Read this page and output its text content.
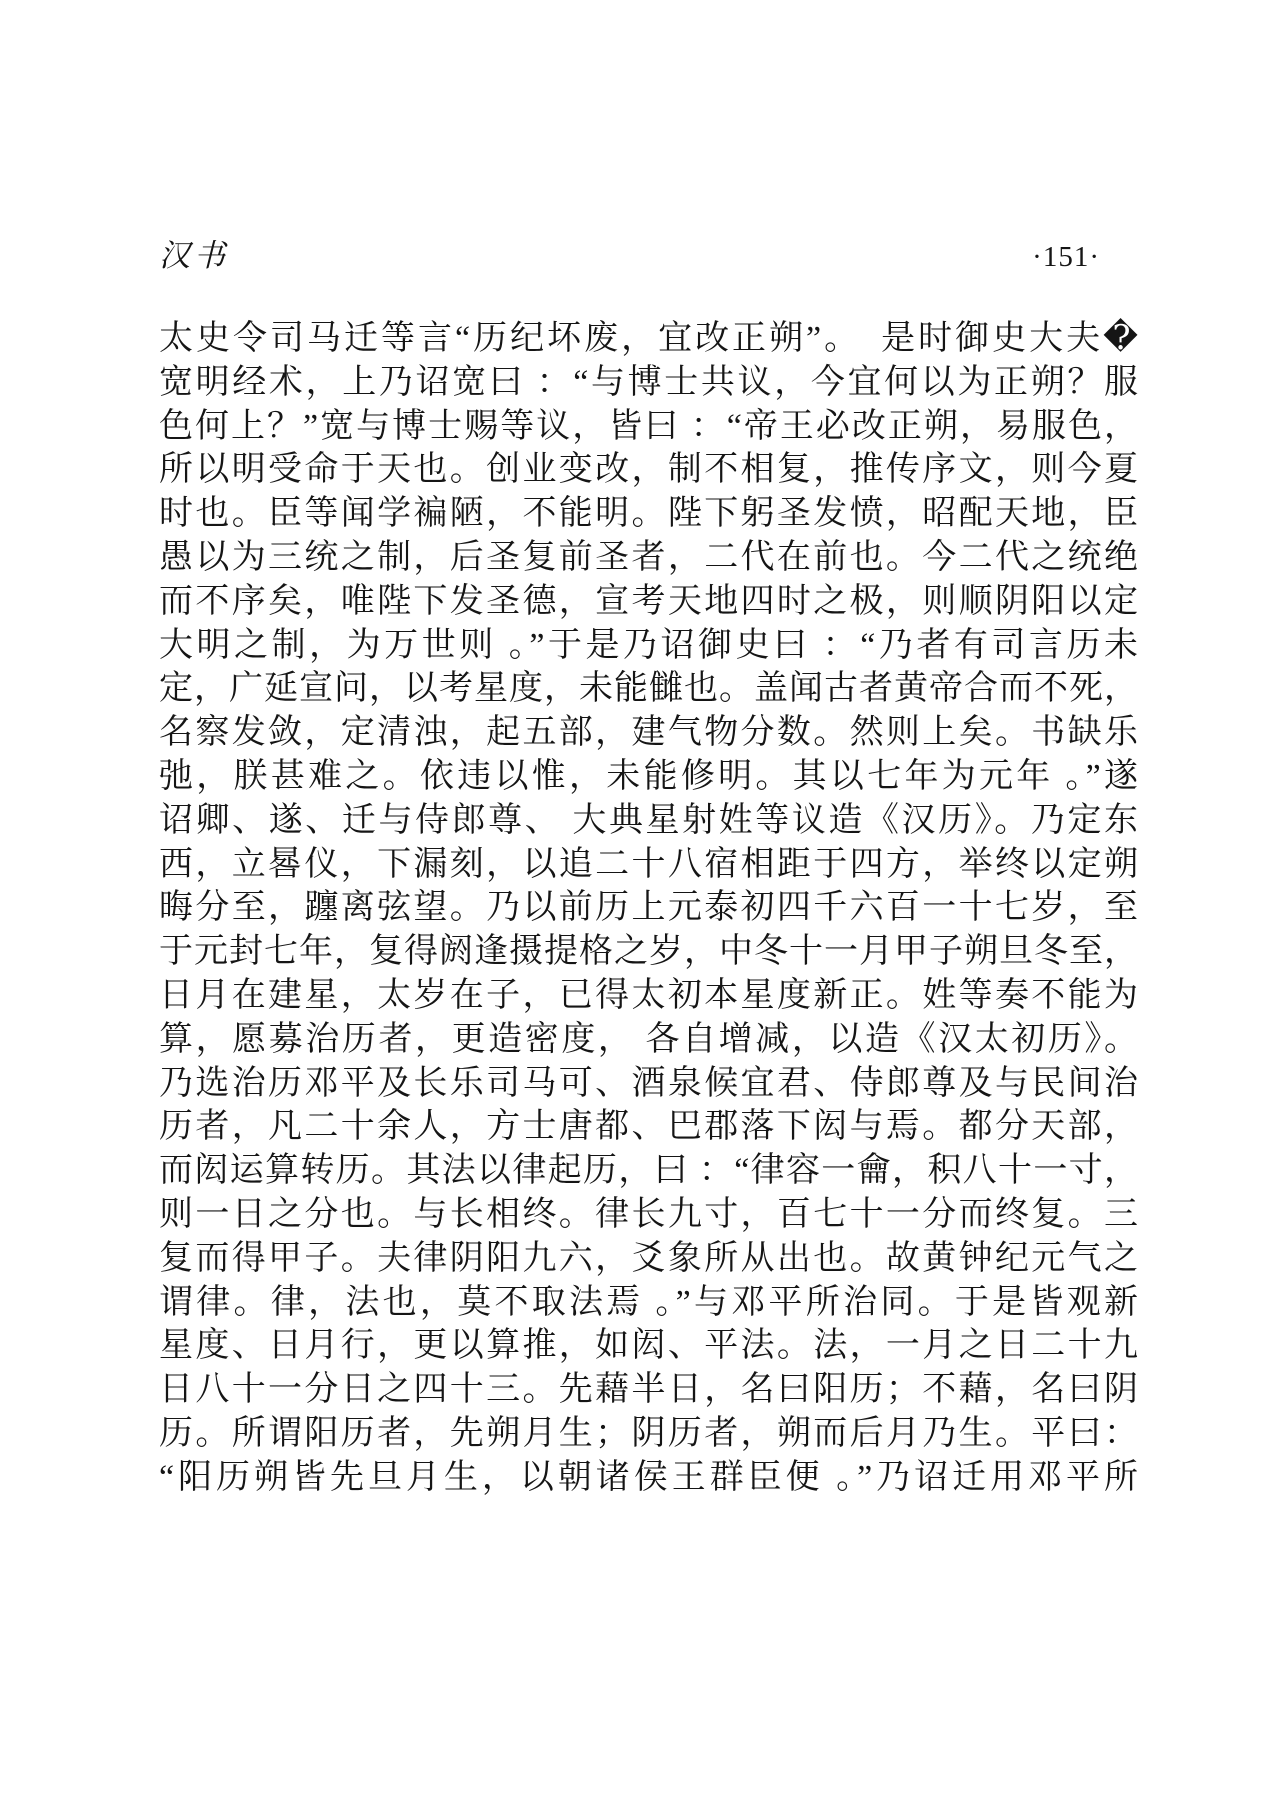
汉书	·151·
太史令司马迁等言“历纪坏废，宜改正朔”。　是时御史大夫�
宽明经术，上乃诏宽曰 ：“与博士共议，今宜何以为正朔？服
色何上？”宽与博士赐等议，皆曰 ：“帝王必改正朔，易服色，
所以明受命于天也。创业变改，制不相复，推传序文，则今夏
时也。臣等闻学褊陋，不能明。陛下躬圣发愤，昭配天地，臣
愚以为三统之制，后圣复前圣者，二代在前也。今二代之统绝
而不序矣，唯陛下发圣德，宣考天地四时之极，则顺阴阳以定
大明之制，为万世则 。”于是乃诏御史曰 ：“乃者有司言历未
定，广延宣问，以考星度，未能雠也。盖闻古者黄帝合而不死，
名察发敛，定清浊，起五部，建气物分数。然则上矣。书缺乐
弛，朕甚难之。依违以惟，未能修明。其以七年为元年 。”遂
诏卿、遂、迁与侍郎尊、 大典星射姓等议造《汉历》。乃定东
西，立晷仪，下漏刻，以追二十八宿相距于四方，举终以定朔
晦分至，躔离弦望。乃以前历上元泰初四千六百一十七岁，至
于元封七年，复得阏逢摄提格之岁，中冬十一月甲子朔旦冬至，
日月在建星，太岁在子，已得太初本星度新正。姓等奏不能为
算，愿募治历者，更造密度， 各自增减，以造《汉太初历》。
乃选治历邓平及长乐司马可、酒泉候宜君、侍郎尊及与民间治
历者，凡二十余人，方士唐都、巴郡落下闳与焉。都分天部，
而闳运算转历。其法以律起历，曰 ：“律容一龠，积八十一寸，
则一日之分也。与长相终。律长九寸，百七十一分而终复。三
复而得甲子。夫律阴阳九六，爻象所从出也。故黄钟纪元气之
谓律。律，法也，莫不取法焉 。”与邓平所治同。于是皆观新
星度、日月行，更以算推，如闳、平法。法，一月之日二十九
日八十一分日之四十三。先藉半日，名曰阳历；不藉，名曰阴
历。所谓阳历者，先朔月生；阴历者，朔而后月乃生。平曰：
“阳历朔皆先旦月生，以朝诸侯王群臣便 。”乃诏迁用邓平所
